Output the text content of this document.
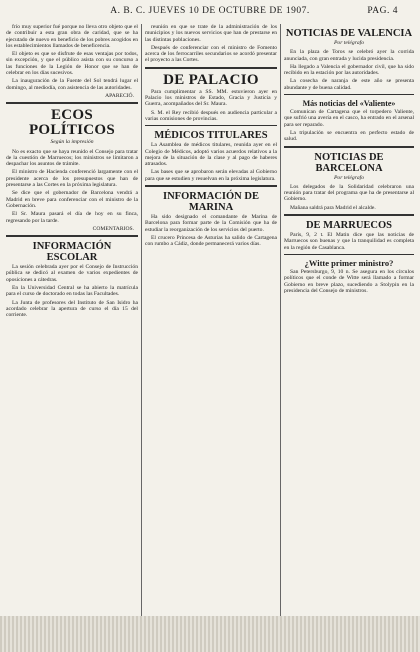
A. B. C. JUEVES 10 DE OCTUBRE DE 1907.	PAG. 4

frío muy superior fué porque no lleva otro objeto que el de contribuir a esta gran obra de caridad, que se ha ejecutado de nuevo en beneficio de los pobres acogidos en los establecimientos llamados de beneficencia.

El objeto es que se disfrute de esas ventajas por todos, sin excepción, y que el público asista con su concurso a las funciones de la Legión de Honor que se han de celebrar en los días sucesivos.

La inauguración de la Fuente del Sol tendrá lugar el domingo, al mediodía, con asistencia de las autoridades.

APARECIÓ.
ECOS POLÍTICOS
Según la impresión

No es exacto que se haya reunido el Consejo para tratar de la cuestión de Marruecos; los ministros se limitaron a despachar los asuntos de trámite.

El ministro de Hacienda conferenció largamente con el presidente acerca de los presupuestos que han de presentarse a las Cortes en la próxima legislatura.

Se dice que el gobernador de Barcelona vendrá a Madrid en breve para conferenciar con el ministro de la Gobernación.

El Sr. Maura pasará el día de hoy en su finca, regresando por la tarde.

COMENTARIOS.
INFORMACIÓN ESCOLAR

La sesión celebrada ayer por el Consejo de Instrucción pública se dedicó al examen de varios expedientes de oposiciones a cátedras.

En la Universidad Central se ha abierto la matrícula para el curso de doctorado en todas las Facultades.

La Junta de profesores del Instituto de San Isidro ha acordado celebrar la apertura de curso el día 15 del corriente.

reunión en que se trate de la administración de los municipios y los nuevos servicios que han de prestarse en las distintas poblaciones.

Después de conferenciar con el ministro de Fomento acerca de los ferrocarriles secundarios se acordó presentar el proyecto a las Cortes.

DE PALACIO

Para cumplimentar a SS. MM. estuvieron ayer en Palacio los ministros de Estado, Gracia y Justicia y Guerra, acompañados del Sr. Maura.

S. M. el Rey recibió después en audiencia particular a varias comisiones de provincias.

MÉDICOS TITULARES

La Asamblea de médicos titulares, reunida ayer en el Colegio de Médicos, adoptó varios acuerdos relativos a la mejora de la situación de la clase y al pago de haberes atrasados.

Las bases que se aprobaron serán elevadas al Gobierno para que se estudien y resuelvan en la próxima legislatura.

INFORMACIÓN DE MARINA

Ha sido designado el comandante de Marina de Barcelona para formar parte de la Comisión que ha de estudiar la reorganización de los servicios del puerto.

El crucero Princesa de Asturias ha salido de Cartagena con rumbo a Cádiz, donde permanecerá varios días.

NOTICIAS DE VALENCIA
Por telégrafo

En la plaza de Toros se celebró ayer la corrida anunciada, con gran entrada y lucida presidencia.

Ha llegado a Valencia el gobernador civil, que ha sido recibido en la estación por las autoridades.

La cosecha de naranja de este año se presenta abundante y de buena calidad.

Más noticias del «Valiente»

Comunican de Cartagena que el torpedero Valiente, que sufrió una avería en el casco, ha entrado en el arsenal para ser reparado.

La tripulación se encuentra en perfecto estado de salud.

NOTICIAS DE BARCELONA
Por telégrafo

Los delegados de la Solidaridad celebraron una reunión para tratar del programa que ha de presentarse al Gobierno.

Mañana saldrá para Madrid el alcalde.

DE MARRUECOS

París, 9, 2 t. El Matin dice que las noticias de Marruecos son buenas y que la tranquilidad es completa en la región de Casablanca.

¿Witte primer ministro?

San Petersburgo, 9, 10 n. Se asegura en los círculos políticos que el conde de Witte será llamado a formar Gobierno en breve plazo, sucediendo a Stolypin en la presidencia del Consejo de ministros.
